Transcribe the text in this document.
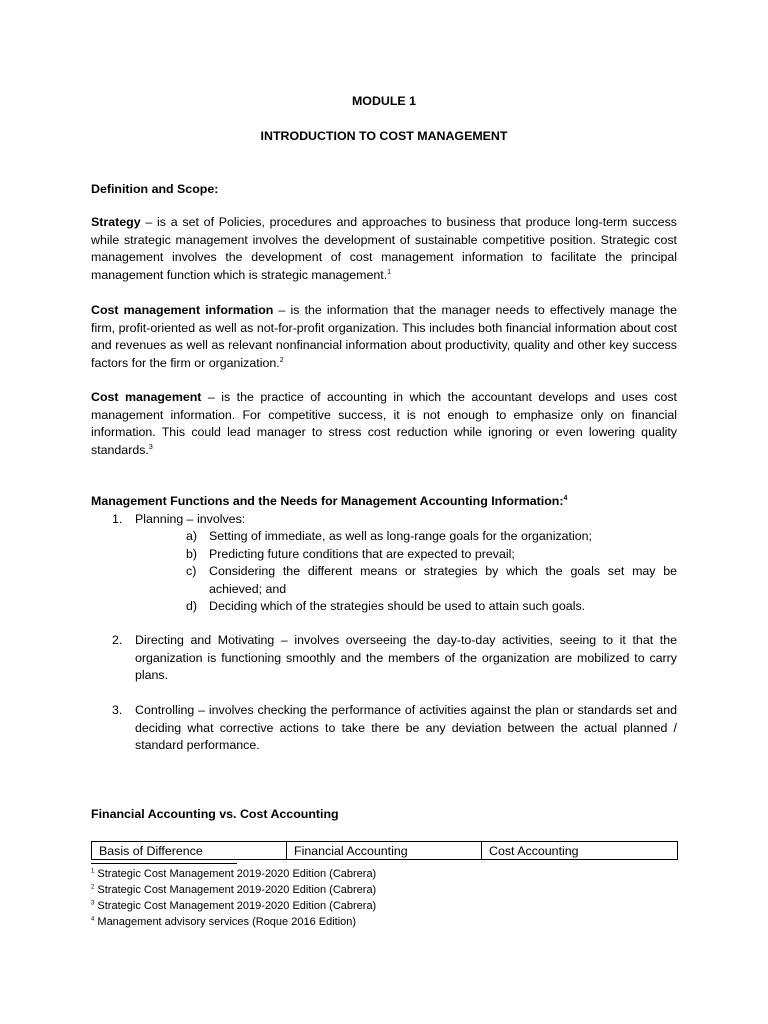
MODULE 1
INTRODUCTION TO COST MANAGEMENT
Definition and Scope:
Strategy – is a set of Policies, procedures and approaches to business that produce long-term success while strategic management involves the development of sustainable competitive position. Strategic cost management involves the development of cost management information to facilitate the principal management function which is strategic management.$^1$
Cost management information – is the information that the manager needs to effectively manage the firm, profit-oriented as well as not-for-profit organization. This includes both financial information about cost and revenues as well as relevant nonfinancial information about productivity, quality and other key success factors for the firm or organization.$^2$
Cost management – is the practice of accounting in which the accountant develops and uses cost management information. For competitive success, it is not enough to emphasize only on financial information. This could lead manager to stress cost reduction while ignoring or even lowering quality standards.$^3$
Management Functions and the Needs for Management Accounting Information:$^4$
1. Planning – involves:
2. Directing and Motivating – involves overseeing the day-to-day activities, seeing to it that the organization is functioning smoothly and the members of the organization are mobilized to carry plans.
3. Controlling – involves checking the performance of activities against the plan or standards set and deciding what corrective actions to take there be any deviation between the actual planned / standard performance.
a) Setting of immediate, as well as long-range goals for the organization;
b) Predicting future conditions that are expected to prevail;
c) Considering the different means or strategies by which the goals set may be achieved; and
d) Deciding which of the strategies should be used to attain such goals.
Financial Accounting vs. Cost Accounting
Basis of Difference	Financial Accounting	Cost Accounting
$^1$ Strategic Cost Management 2019-2020 Edition (Cabrera)
$^2$ Strategic Cost Management 2019-2020 Edition (Cabrera)
$^3$ Strategic Cost Management 2019-2020 Edition (Cabrera)
$^4$ Management advisory services (Roque 2016 Edition)
